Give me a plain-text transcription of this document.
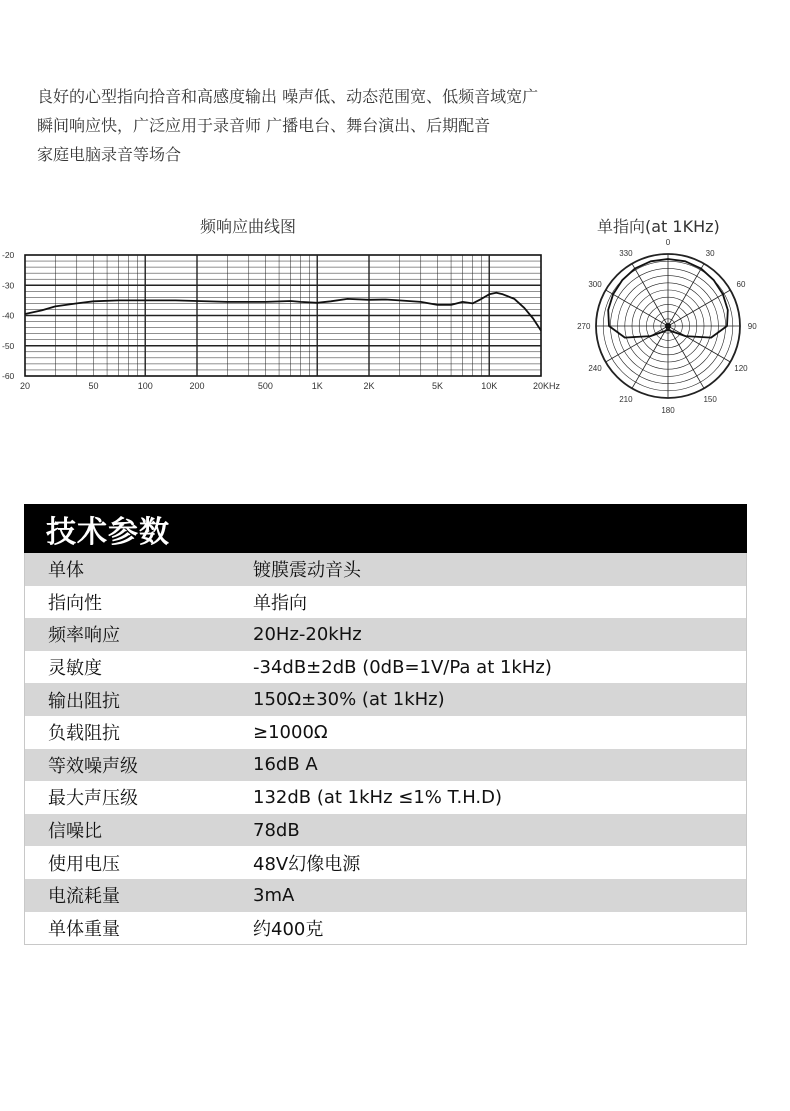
良好的心型指向拾音和高感度输出 噪声低、动态范围宽、低频音域宽广

瞬间响应快，广泛应用于录音师 广播电台、舞台演出、后期配音

家庭电脑录音等场合

频响应曲线图
-20
-30
-40
-50
-60
20	50	100	200	500	1K	2K	5K	10K	20KHz
单指向(at 1KHz)
0
30
60
90
120
150
180
210
240
270
300
330
技术参数
单体	镀膜震动音头
指向性	单指向
频率响应	20Hz-20kHz
灵敏度	-34dB±2dB (0dB=1V/Pa at 1kHz)
输出阻抗	150Ω±30% (at 1kHz)
负载阻抗	≥1000Ω
等效噪声级	16dB A
最大声压级	132dB (at 1kHz ≤1% T.H.D)
信噪比	78dB
使用电压	48V幻像电源
电流耗量	3mA
单体重量	约400克
